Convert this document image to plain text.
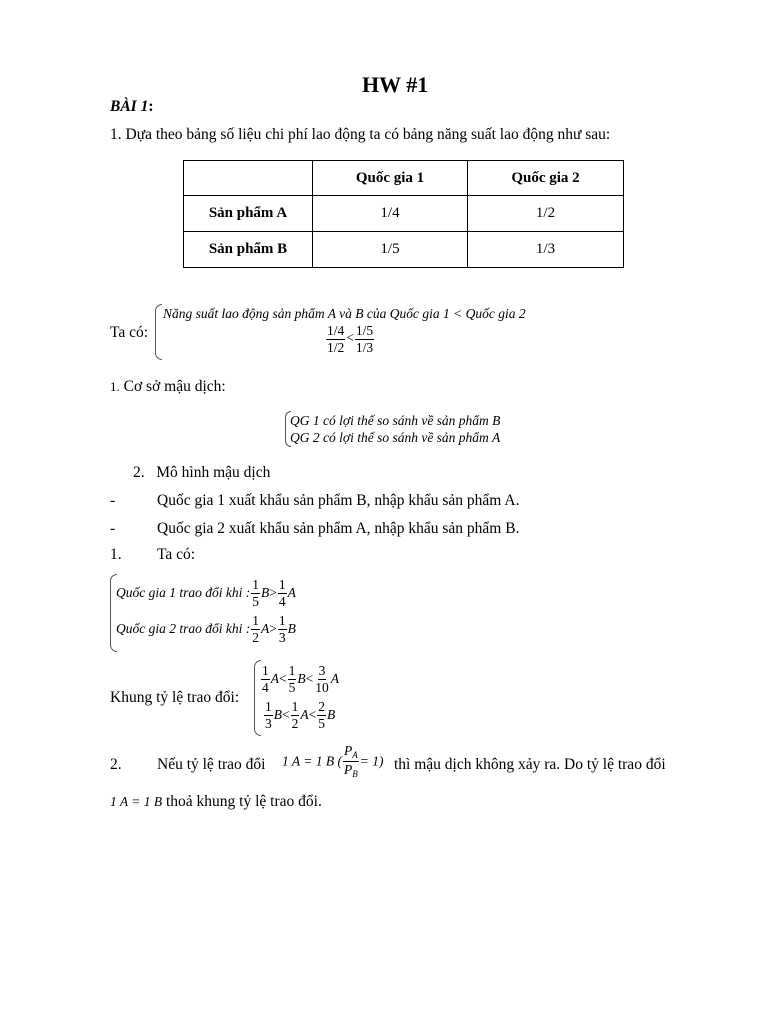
HW #1
BÀI 1:
1. Dựa theo bảng số liệu chi phí lao động ta có bảng năng suất lao động như sau:
	Quốc gia 1	Quốc gia 2
Sản phẩm A	1/4	1/2
Sản phẩm B	1/5	1/3
Ta có:
Năng suất lao động sản phẩm A và B của Quốc gia 1 < Quốc gia 2
$\frac{1/4}{1/2} < \frac{1/5}{1/3}$
1. Cơ sở mậu dịch:
QG 1 có lợi thế so sánh về sản phẩm B
QG 2 có lợi thế so sánh về sản phẩm A
2.   Mô hình mậu dịch
-	Quốc gia 1 xuất khẩu sản phẩm B, nhập khẩu sản phẩm A.
-	Quốc gia 2 xuất khẩu sản phẩm A, nhập khẩu sản phẩm B.
1. Ta có:
Quốc gia 1 trao đổi khi : $\frac{1}{5} B> \frac{1}{4}$ A
Quốc gia 2 trao đổi khi : $\frac{1}{2} A> \frac{1}{3}$ B
Khung tỷ lệ trao đổi:
$\frac{1}{4} A< \frac{1}{5} B< \frac{3}{10}$ A
$\frac{1}{3} B< \frac{1}{2} A< \frac{2}{5}$ B
2. Nếu tỷ lệ trao đổi 1 A = 1 B ( $\frac{P_A}{P_B} = 1$) thì mậu dịch không xảy ra. Do tỷ lệ trao đổi
1 A = 1 B thoả khung tỷ lệ trao đổi.
